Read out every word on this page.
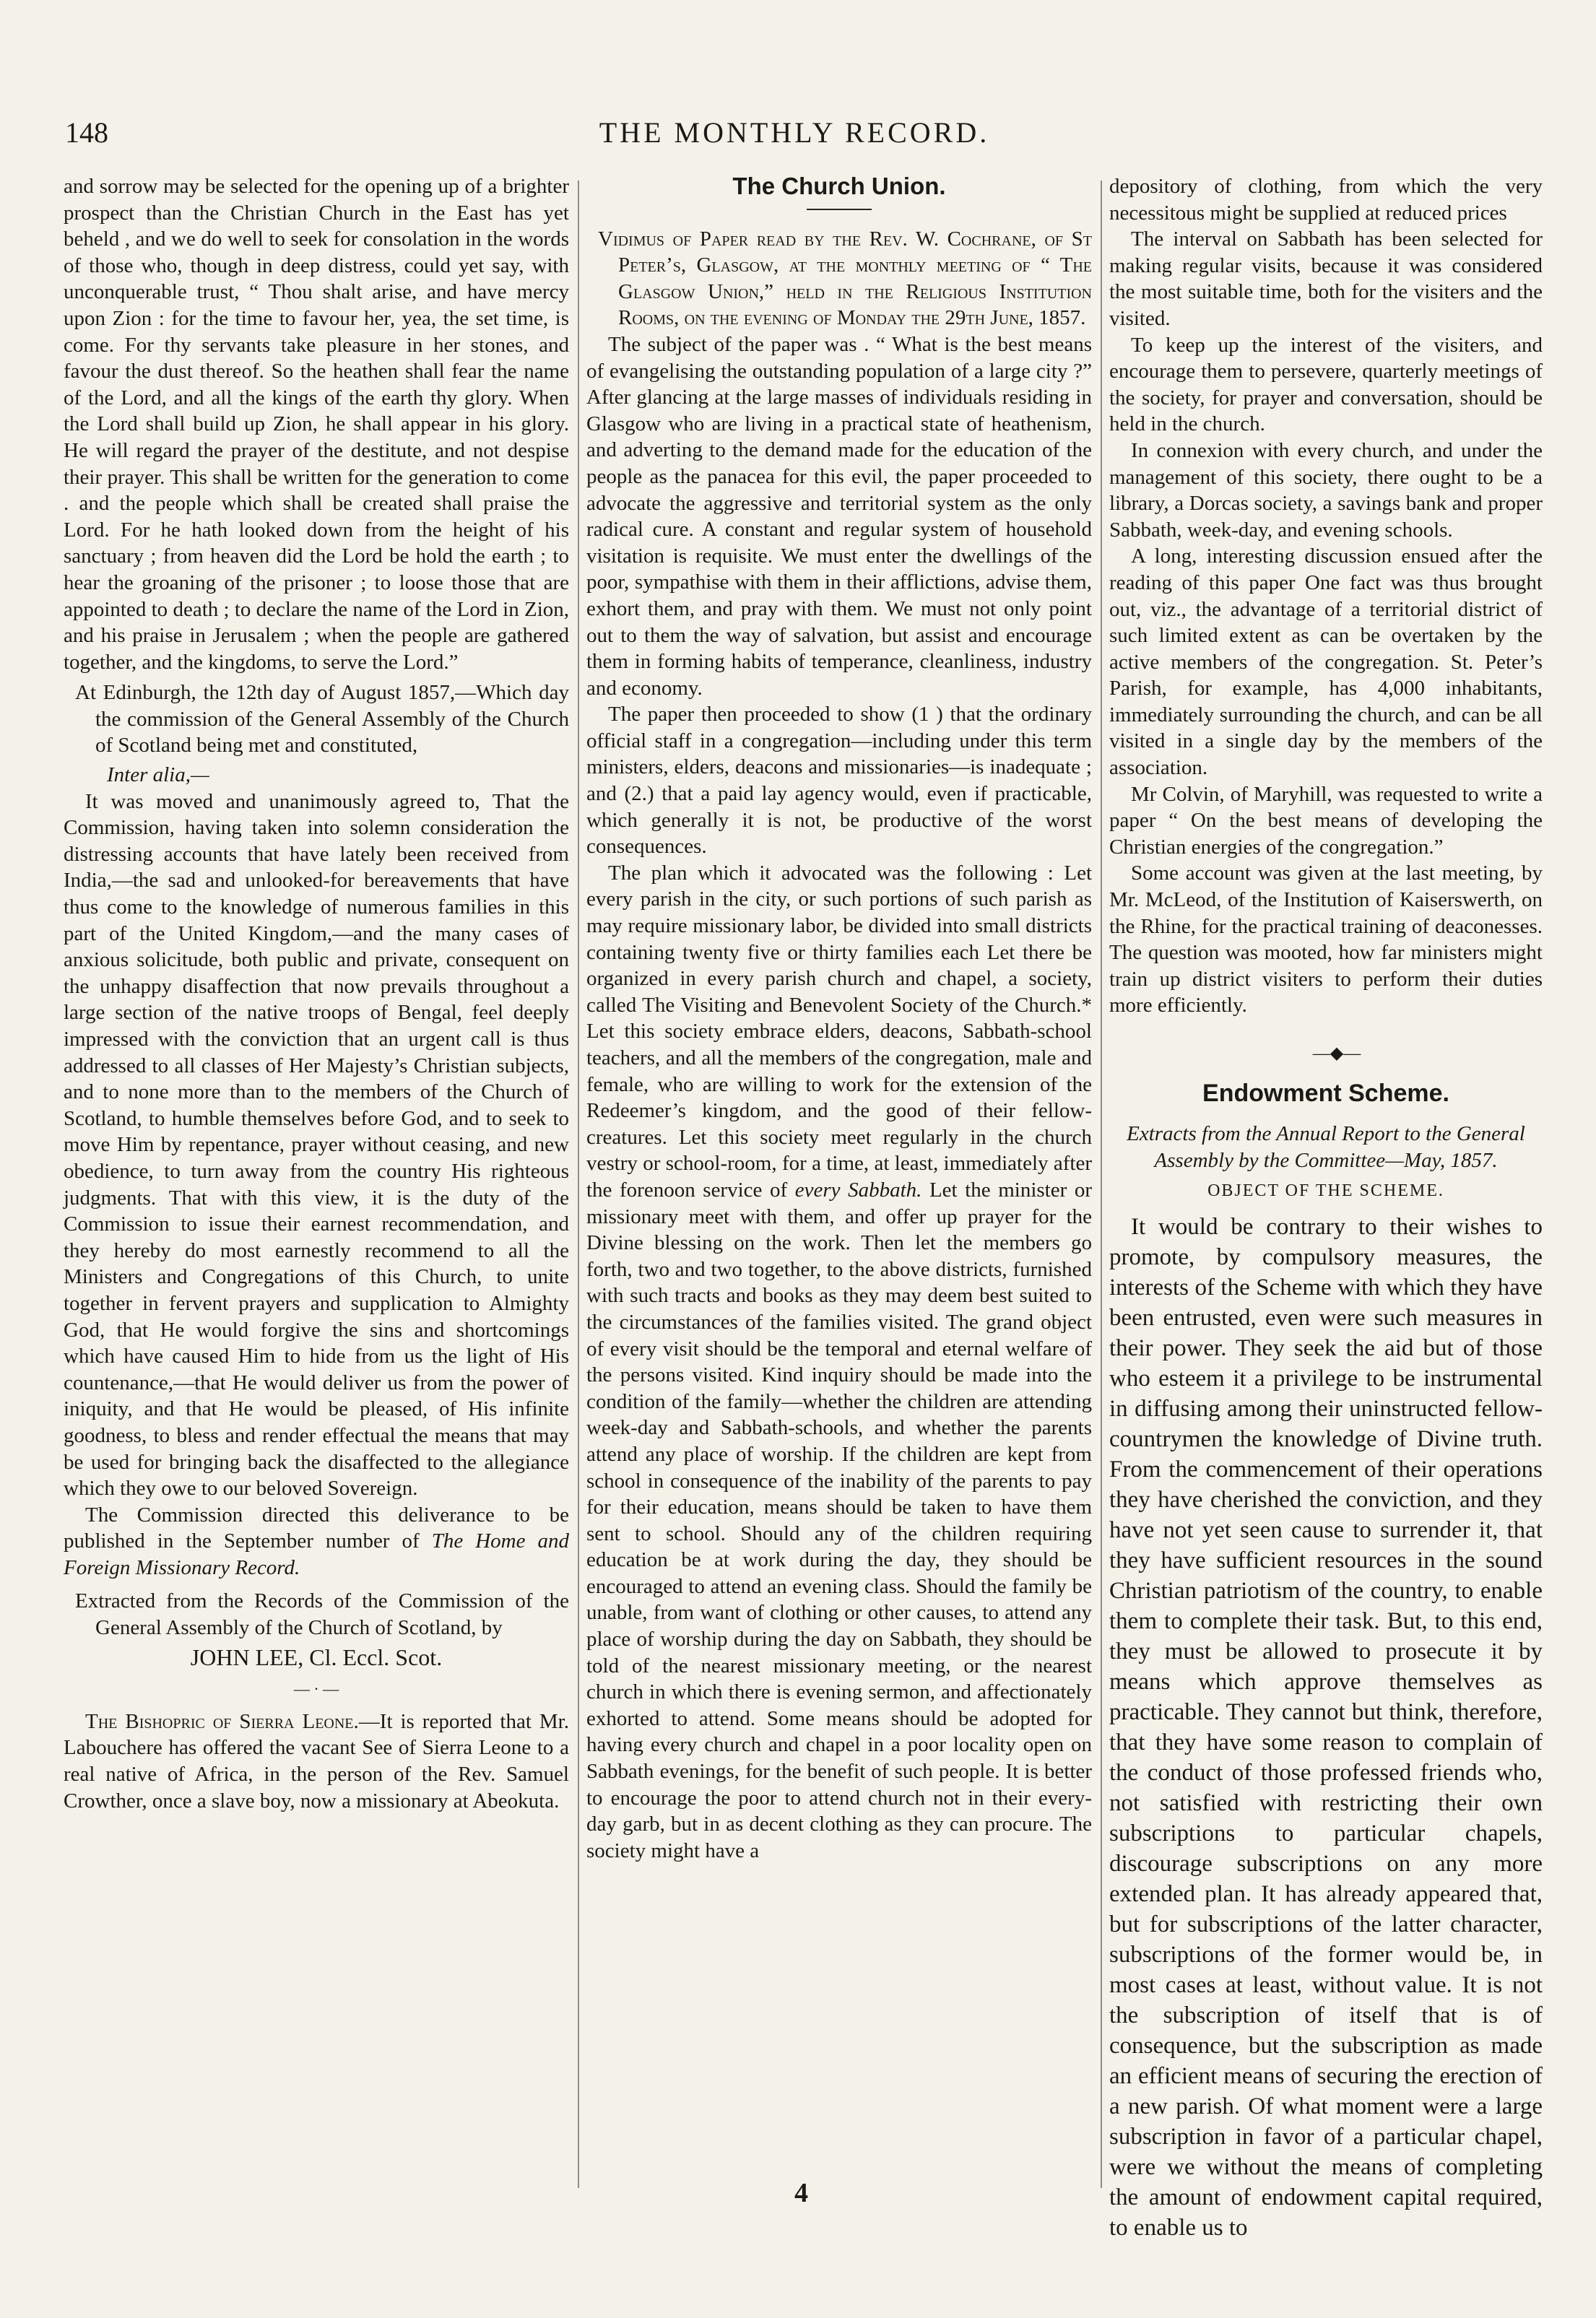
148	THE MONTHLY RECORD.

and sorrow may be selected for the opening up of a brighter prospect than the Christian Church in the East has yet beheld , and we do well to seek for consolation in the words of those who, though in deep distress, could yet say, with unconquerable trust, “ Thou shalt arise, and have mercy upon Zion : for the time to favour her, yea, the set time, is come. For thy servants take pleasure in her stones, and favour the dust thereof. So the heathen shall fear the name of the Lord, and all the kings of the earth thy glory. When the Lord shall build up Zion, he shall appear in his glory. He will regard the prayer of the destitute, and not despise their prayer. This shall be written for the generation to come . and the people which shall be created shall praise the Lord. For he hath looked down from the height of his sanctuary ; from heaven did the Lord be hold the earth ; to hear the groaning of the prisoner ; to loose those that are appointed to death ; to declare the name of the Lord in Zion, and his praise in Jerusalem ; when the people are gathered together, and the kingdoms, to serve the Lord.”

At Edinburgh, the 12th day of August 1857,—Which day the commission of the General Assembly of the Church of Scotland being met and constituted,

Inter alia,—

It was moved and unanimously agreed to, That the Commission, having taken into solemn consideration the distressing accounts that have lately been received from India,—the sad and unlooked-for bereavements that have thus come to the knowledge of numerous families in this part of the United Kingdom,—and the many cases of anxious solicitude, both public and private, consequent on the unhappy disaffection that now prevails throughout a large section of the native troops of Bengal, feel deeply impressed with the conviction that an urgent call is thus addressed to all classes of Her Majesty’s Christian subjects, and to none more than to the members of the Church of Scotland, to humble themselves before God, and to seek to move Him by repentance, prayer without ceasing, and new obedience, to turn away from the country His righteous judgments. That with this view, it is the duty of the Commission to issue their earnest recommendation, and they hereby do most earnestly recommend to all the Ministers and Congregations of this Church, to unite together in fervent prayers and supplication to Almighty God, that He would forgive the sins and shortcomings which have caused Him to hide from us the light of His countenance,—that He would deliver us from the power of iniquity, and that He would be pleased, of His infinite goodness, to bless and render effectual the means that may be used for bringing back the disaffected to the allegiance which they owe to our beloved Sovereign.

The Commission directed this deliverance to be published in the September number of The Home and Foreign Missionary Record.

Extracted from the Records of the Commission of the General Assembly of the Church of Scotland, by

JOHN LEE, Cl. Eccl. Scot.

— · —

The Bishopric of Sierra Leone.—It is reported that Mr. Labouchere has offered the vacant See of Sierra Leone to a real native of Africa, in the person of the Rev. Samuel Crowther, once a slave boy, now a missionary at Abeokuta.

The Church Union.

Vidimus of Paper read by the Rev. W. Cochrane, of St Peter’s, Glasgow, at the monthly meeting of “ The Glasgow Union,” held in the Religious Institution Rooms, on the evening of Monday the 29th June, 1857.

The subject of the paper was . “ What is the best means of evangelising the outstanding population of a large city ?” After glancing at the large masses of individuals residing in Glasgow who are living in a practical state of heathenism, and adverting to the demand made for the education of the people as the panacea for this evil, the paper proceeded to advocate the aggressive and territorial system as the only radical cure. A constant and regular system of household visitation is requisite. We must enter the dwellings of the poor, sympathise with them in their afflictions, advise them, exhort them, and pray with them. We must not only point out to them the way of salvation, but assist and encourage them in forming habits of temperance, cleanliness, industry and economy.

The paper then proceeded to show (1 ) that the ordinary official staff in a congregation—including under this term ministers, elders, deacons and missionaries—is inadequate ; and (2.) that a paid lay agency would, even if practicable, which generally it is not, be productive of the worst consequences.

The plan which it advocated was the following : Let every parish in the city, or such portions of such parish as may require missionary labor, be divided into small districts containing twenty five or thirty families each Let there be organized in every parish church and chapel, a society, called The Visiting and Benevolent Society of the Church.* Let this society embrace elders, deacons, Sabbath-school teachers, and all the members of the congregation, male and female, who are willing to work for the extension of the Redeemer’s kingdom, and the good of their fellow-creatures. Let this society meet regularly in the church vestry or school-room, for a time, at least, immediately after the forenoon service of every Sabbath. Let the minister or missionary meet with them, and offer up prayer for the Divine blessing on the work. Then let the members go forth, two and two together, to the above districts, furnished with such tracts and books as they may deem best suited to the circumstances of the families visited. The grand object of every visit should be the temporal and eternal welfare of the persons visited. Kind inquiry should be made into the condition of the family—whether the children are attending week-day and Sabbath-schools, and whether the parents attend any place of worship. If the children are kept from school in consequence of the inability of the parents to pay for their education, means should be taken to have them sent to school. Should any of the children requiring education be at work during the day, they should be encouraged to attend an evening class. Should the family be unable, from want of clothing or other causes, to attend any place of worship during the day on Sabbath, they should be told of the nearest missionary meeting, or the nearest church in which there is evening sermon, and affectionately exhorted to attend. Some means should be adopted for having every church and chapel in a poor locality open on Sabbath evenings, for the benefit of such people. It is better to encourage the poor to attend church not in their every-day garb, but in as decent clothing as they can procure. The society might have a

depository of clothing, from which the very necessitous might be supplied at reduced prices

The interval on Sabbath has been selected for making regular visits, because it was considered the most suitable time, both for the visiters and the visited.

To keep up the interest of the visiters, and encourage them to persevere, quarterly meetings of the society, for prayer and conversation, should be held in the church.

In connexion with every church, and under the management of this society, there ought to be a library, a Dorcas society, a savings bank and proper Sabbath, week-day, and evening schools.

A long, interesting discussion ensued after the reading of this paper One fact was thus brought out, viz., the advantage of a territorial district of such limited extent as can be overtaken by the active members of the congregation. St. Peter’s Parish, for example, has 4,000 inhabitants, immediately surrounding the church, and can be all visited in a single day by the members of the association.

Mr Colvin, of Maryhill, was requested to write a paper “ On the best means of developing the Christian energies of the congregation.”

Some account was given at the last meeting, by Mr. McLeod, of the Institution of Kaiserswerth, on the Rhine, for the practical training of deaconesses. The question was mooted, how far ministers might train up district visiters to perform their duties more efficiently.

—◆—

Endowment Scheme.

Extracts from the Annual Report to the General Assembly by the Committee—May, 1857.

OBJECT OF THE SCHEME.

It would be contrary to their wishes to promote, by compulsory measures, the interests of the Scheme with which they have been entrusted, even were such measures in their power. They seek the aid but of those who esteem it a privilege to be instrumental in diffusing among their uninstructed fellow-countrymen the knowledge of Divine truth. From the commencement of their operations they have cherished the conviction, and they have not yet seen cause to surrender it, that they have sufficient resources in the sound Christian patriotism of the country, to enable them to complete their task. But, to this end, they must be allowed to prosecute it by means which approve themselves as practicable. They cannot but think, therefore, that they have some reason to complain of the conduct of those professed friends who, not satisfied with restricting their own subscriptions to particular chapels, discourage subscriptions on any more extended plan. It has already appeared that, but for subscriptions of the latter character, subscriptions of the former would be, in most cases at least, without value. It is not the subscription of itself that is of consequence, but the subscription as made an efficient means of securing the erection of a new parish. Of what moment were a large subscription in favor of a particular chapel, were we without the means of completing the amount of endowment capital required, to enable us to

4
